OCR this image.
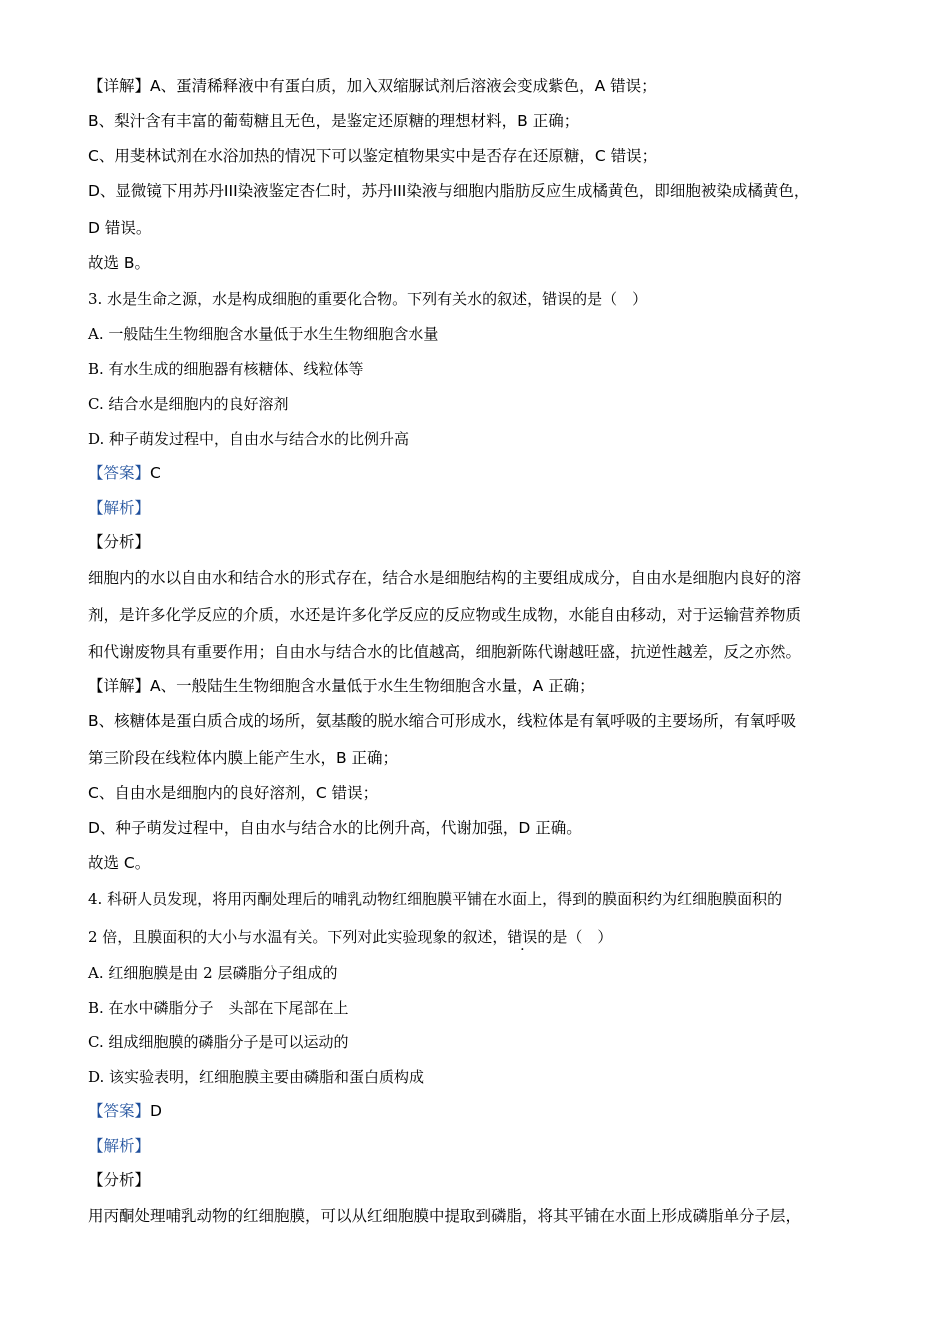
【详解】A、蛋清稀释液中有蛋白质，加入双缩脲试剂后溶液会变成紫色，A 错误；
B、梨汁含有丰富的葡萄糖且无色，是鉴定还原糖的理想材料，B 正确；
C、用斐林试剂在水浴加热的情况下可以鉴定植物果实中是否存在还原糖，C 错误；
D、显微镜下用苏丹III染液鉴定杏仁时，苏丹III染液与细胞内脂肪反应生成橘黄色，即细胞被染成橘黄色，
D 错误。
故选 B。
3. 水是生命之源，水是构成细胞的重要化合物。下列有关水的叙述，错误的是（　）
A. 一般陆生生物细胞含水量低于水生生物细胞含水量
B. 有水生成的细胞器有核糖体、线粒体等
C. 结合水是细胞内的良好溶剂
D. 种子萌发过程中，自由水与结合水的比例升高
【答案】C
【解析】
【分析】
细胞内的水以自由水和结合水的形式存在，结合水是细胞结构的主要组成成分，自由水是细胞内良好的溶
剂，是许多化学反应的介质，水还是许多化学反应的反应物或生成物，水能自由移动，对于运输营养物质
和代谢废物具有重要作用；自由水与结合水的比值越高，细胞新陈代谢越旺盛，抗逆性越差，反之亦然。
【详解】A、一般陆生生物细胞含水量低于水生生物细胞含水量，A 正确；
B、核糖体是蛋白质合成的场所，氨基酸的脱水缩合可形成水，线粒体是有氧呼吸的主要场所，有氧呼吸
第三阶段在线粒体内膜上能产生水，B 正确；
C、自由水是细胞内的良好溶剂，C 错误；
D、种子萌发过程中，自由水与结合水的比例升高，代谢加强，D 正确。
故选 C。
4. 科研人员发现，将用丙酮处理后的哺乳动物红细胞膜平铺在水面上，得到的膜面积约为红细胞膜面积的
2 倍，且膜面积的大小与水温有关。下列对此实验现象的叙述，错误的是（　）
A. 红细胞膜是由 2 层磷脂分子组成的
B. 在水中磷脂分子　头部在下尾部在上
C. 组成细胞膜的磷脂分子是可以运动的
D. 该实验表明，红细胞膜主要由磷脂和蛋白质构成
【答案】D
【解析】
【分析】
用丙酮处理哺乳动物的红细胞膜，可以从红细胞膜中提取到磷脂，将其平铺在水面上形成磷脂单分子层，
